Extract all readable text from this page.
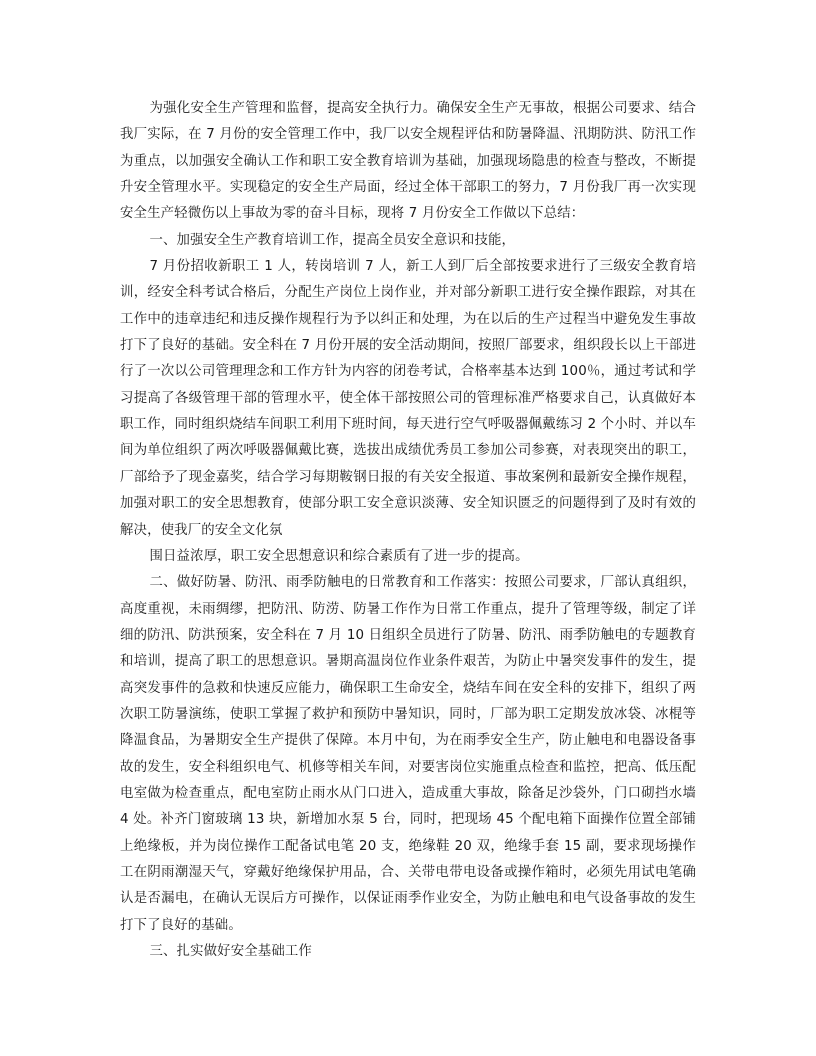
为强化安全生产管理和监督，提高安全执行力。确保安全生产无事故，根据公司要求、结合我厂实际，在 7 月份的安全管理工作中，我厂以安全规程评估和防暑降温、汛期防洪、防汛工作为重点，以加强安全确认工作和职工安全教育培训为基础，加强现场隐患的检查与整改，不断提升安全管理水平。实现稳定的安全生产局面，经过全体干部职工的努力，7 月份我厂再一次实现安全生产轻微伤以上事故为零的奋斗目标，现将 7 月份安全工作做以下总结：

一、加强安全生产教育培训工作，提高全员安全意识和技能，

7 月份招收新职工 1 人，转岗培训 7 人，新工人到厂后全部按要求进行了三级安全教育培训，经安全科考试合格后，分配生产岗位上岗作业，并对部分新职工进行安全操作跟踪，对其在工作中的违章违纪和违反操作规程行为予以纠正和处理，为在以后的生产过程当中避免发生事故打下了良好的基础。安全科在 7 月份开展的安全活动期间，按照厂部要求，组织段长以上干部进行了一次以公司管理理念和工作方针为内容的闭卷考试，合格率基本达到 100％，通过考试和学习提高了各级管理干部的管理水平，使全体干部按照公司的管理标准严格要求自己，认真做好本职工作，同时组织烧结车间职工利用下班时间，每天进行空气呼吸器佩戴练习 2 个小时、并以车间为单位组织了两次呼吸器佩戴比赛，选拔出成绩优秀员工参加公司参赛，对表现突出的职工，厂部给予了现金嘉奖，结合学习每期鞍钢日报的有关安全报道、事故案例和最新安全操作规程，加强对职工的安全思想教育，使部分职工安全意识淡薄、安全知识匮乏的问题得到了及时有效的解决，使我厂的安全文化氛

围日益浓厚，职工安全思想意识和综合素质有了进一步的提高。

二、做好防暑、防汛、雨季防触电的日常教育和工作落实：按照公司要求，厂部认真组织，高度重视，未雨绸缪，把防汛、防涝、防暑工作作为日常工作重点，提升了管理等级，制定了详细的防汛、防洪预案，安全科在 7 月 10 日组织全员进行了防暑、防汛、雨季防触电的专题教育和培训，提高了职工的思想意识。暑期高温岗位作业条件艰苦，为防止中暑突发事件的发生，提高突发事件的急救和快速反应能力，确保职工生命安全，烧结车间在安全科的安排下，组织了两次职工防暑演练，使职工掌握了救护和预防中暑知识，同时，厂部为职工定期发放冰袋、冰棍等降温食品，为暑期安全生产提供了保障。本月中旬，为在雨季安全生产，防止触电和电器设备事故的发生，安全科组织电气、机修等相关车间，对要害岗位实施重点检查和监控，把高、低压配电室做为检查重点，配电室防止雨水从门口进入，造成重大事故，除备足沙袋外，门口砌挡水墙 4 处。补齐门窗玻璃 13 块，新增加水泵 5 台，同时，把现场 45 个配电箱下面操作位置全部铺上绝缘板，并为岗位操作工配备试电笔 20 支，绝缘鞋 20 双，绝缘手套 15 副，要求现场操作工在阴雨潮湿天气，穿戴好绝缘保护用品，合、关带电带电设备或操作箱时，必须先用试电笔确认是否漏电，在确认无误后方可操作，以保证雨季作业安全，为防止触电和电气设备事故的发生打下了良好的基础。

三、扎实做好安全基础工作
